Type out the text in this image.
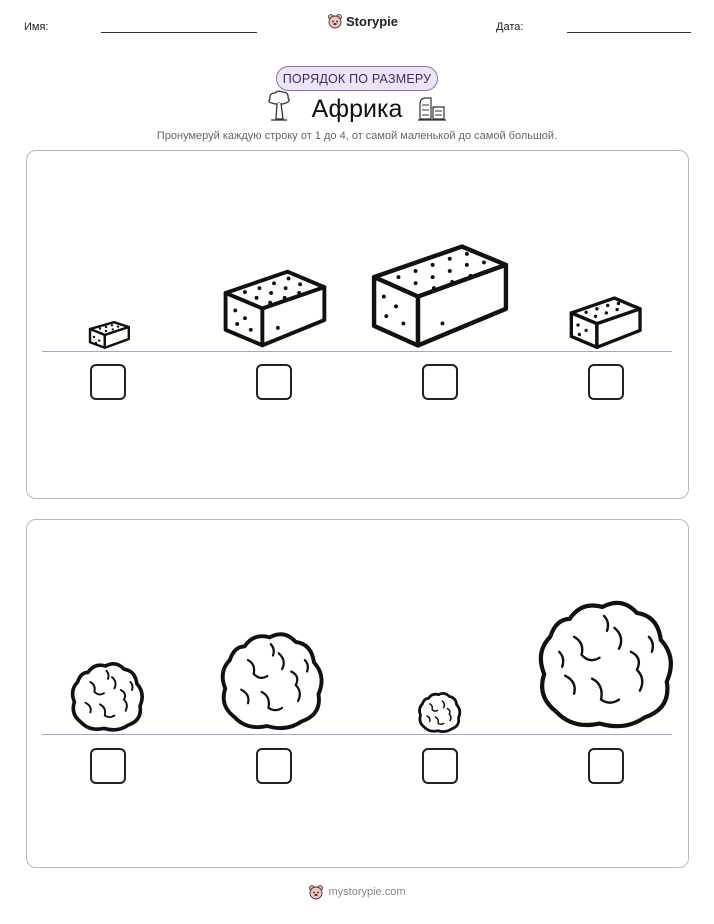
Имя:	Storypie	Дата:
ПОРЯДОК ПО РАЗМЕРУ
Африка
Пронумеруй каждую строку от 1 до 4, от самой маленькой до самой большой.
mystorypie.com
